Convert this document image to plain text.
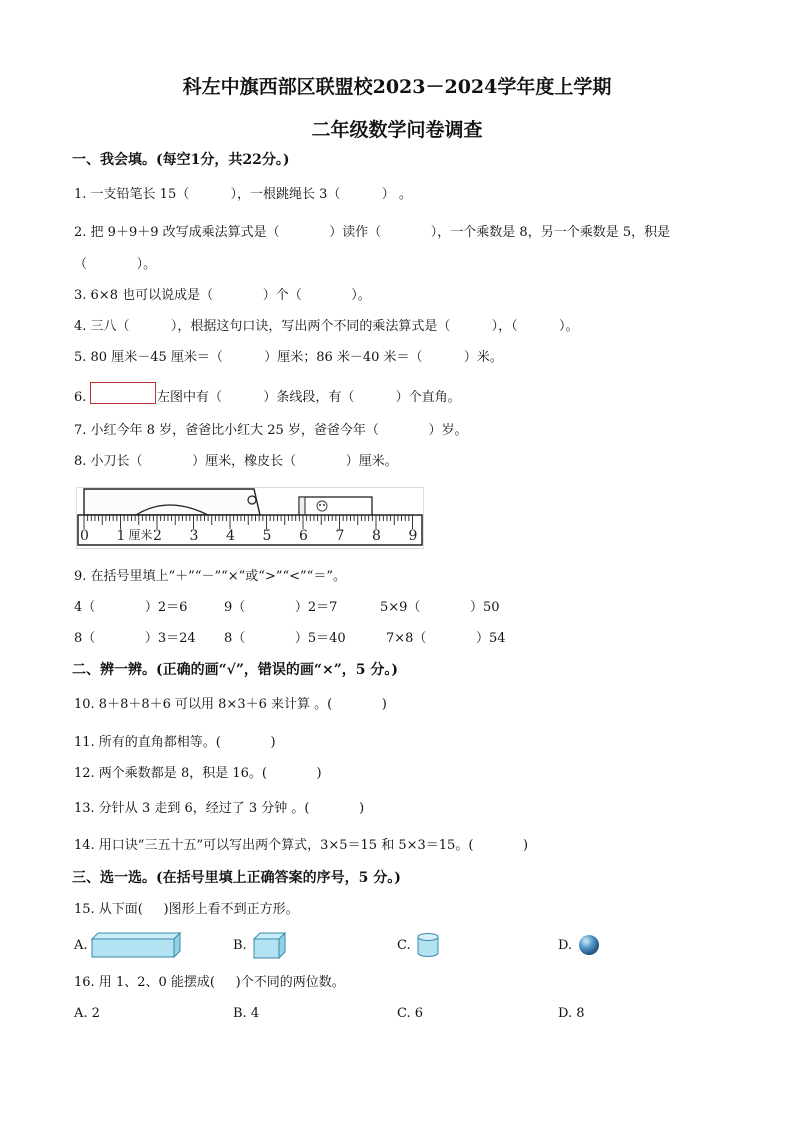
科左中旗西部区联盟校2023－2024学年度上学期
二年级数学问卷调查
一、我会填。(每空1分，共22分。)
1. 一支铅笔长 15（          ），一根跳绳长 3（          ） 。
2. 把 9＋9＋9 改写成乘法算式是（            ）读作（            ），一个乘数是 8，另一个乘数是 5，积是
（            ）。
3. 6×8 也可以说成是（            ）个（            ）。
4. 三八（          ），根据这句口诀，写出两个不同的乘法算式是（          ），（          ）。
5. 80 厘米－45 厘米＝（          ）厘米；86 米－40 米＝（          ）米。
6.	左图中有（          ）条线段，有（          ）个直角。
7. 小红今年 8 岁，爸爸比小红大 25 岁，爸爸今年（            ）岁。
8. 小刀长（            ）厘米，橡皮长（            ）厘米。
0 1 2 3 4 5 6 7 8 9
厘米
9. 在括号里填上“＋”“－”“×”或“>”“<”“＝”。
4（            ）2＝6	9（            ）2＝7	5×9（            ）50
8（            ）3＝24 8（            ）5＝40	7×8（            ）54
二、辨一辨。(正确的画“√”，错误的画“×”，5 分。)
10. 8＋8＋8＋6 可以用 8×3＋6 来计算 。(            )
11. 所有的直角都相等。(            )
12. 两个乘数都是 8，积是 16。(            )
13. 分针从 3 走到 6，经过了 3 分钟 。(            )
14. 用口诀“三五十五”可以写出两个算式，3×5＝15 和 5×3＝15。(            )
三、选一选。(在括号里填上正确答案的序号，5 分。)
15. 从下面(     )图形上看不到正方形。
A.	B.	C.	D.
16. 用 1、2、0 能摆成(     )个不同的两位数。
A. 2	B. 4	C. 6	D. 8
